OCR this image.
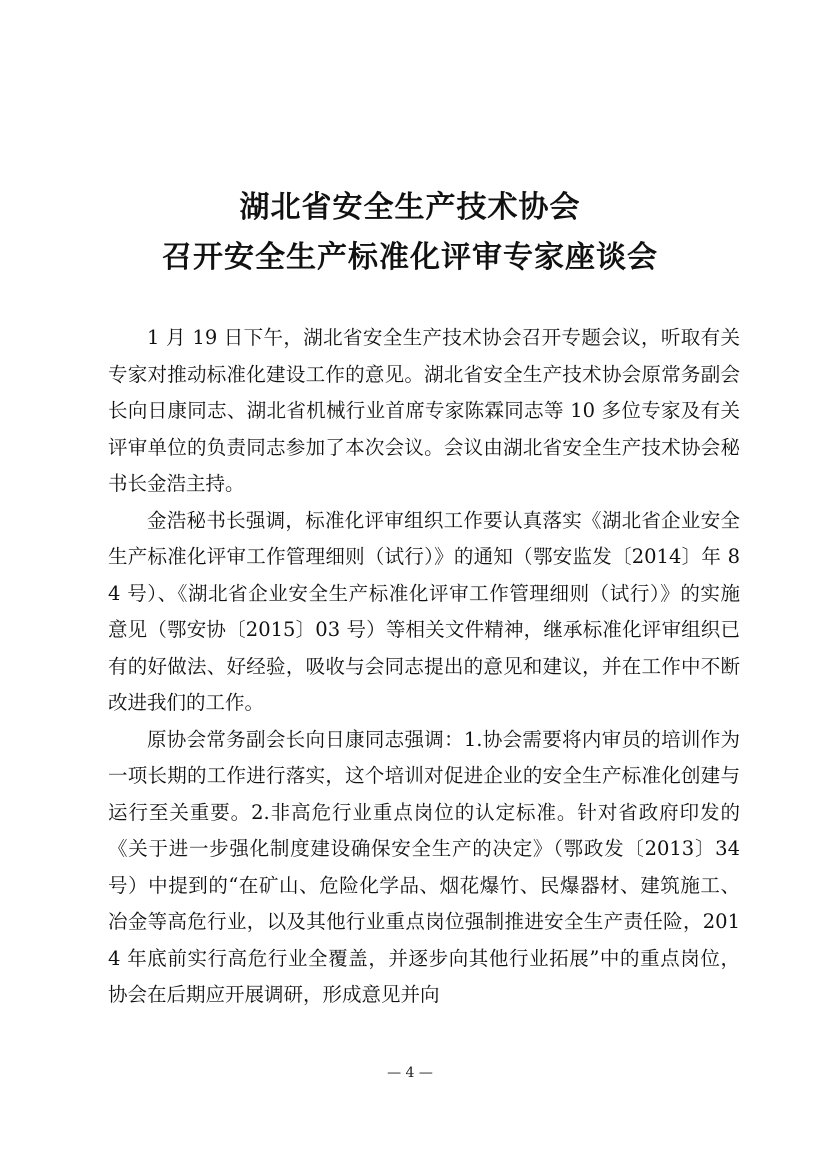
湖北省安全生产技术协会
召开安全生产标准化评审专家座谈会

1 月 19 日下午，湖北省安全生产技术协会召开专题会议，听取有关专家对推动标准化建设工作的意见。湖北省安全生产技术协会原常务副会长向日康同志、湖北省机械行业首席专家陈霖同志等 10 多位专家及有关评审单位的负责同志参加了本次会议。会议由湖北省安全生产技术协会秘书长金浩主持。

金浩秘书长强调，标准化评审组织工作要认真落实《湖北省企业安全生产标准化评审工作管理细则（试行）》的通知（鄂安监发〔2014〕年 84 号）、《湖北省企业安全生产标准化评审工作管理细则（试行）》的实施意见（鄂安协〔2015〕03 号）等相关文件精神，继承标准化评审组织已有的好做法、好经验，吸收与会同志提出的意见和建议，并在工作中不断改进我们的工作。

原协会常务副会长向日康同志强调：1.协会需要将内审员的培训作为一项长期的工作进行落实，这个培训对促进企业的安全生产标准化创建与运行至关重要。2.非高危行业重点岗位的认定标准。针对省政府印发的《关于进一步强化制度建设确保安全生产的决定》（鄂政发〔2013〕34 号）中提到的“在矿山、危险化学品、烟花爆竹、民爆器材、建筑施工、冶金等高危行业，以及其他行业重点岗位强制推进安全生产责任险，2014 年底前实行高危行业全覆盖，并逐步向其他行业拓展”中的重点岗位，协会在后期应开展调研，形成意见并向

— 4 —
